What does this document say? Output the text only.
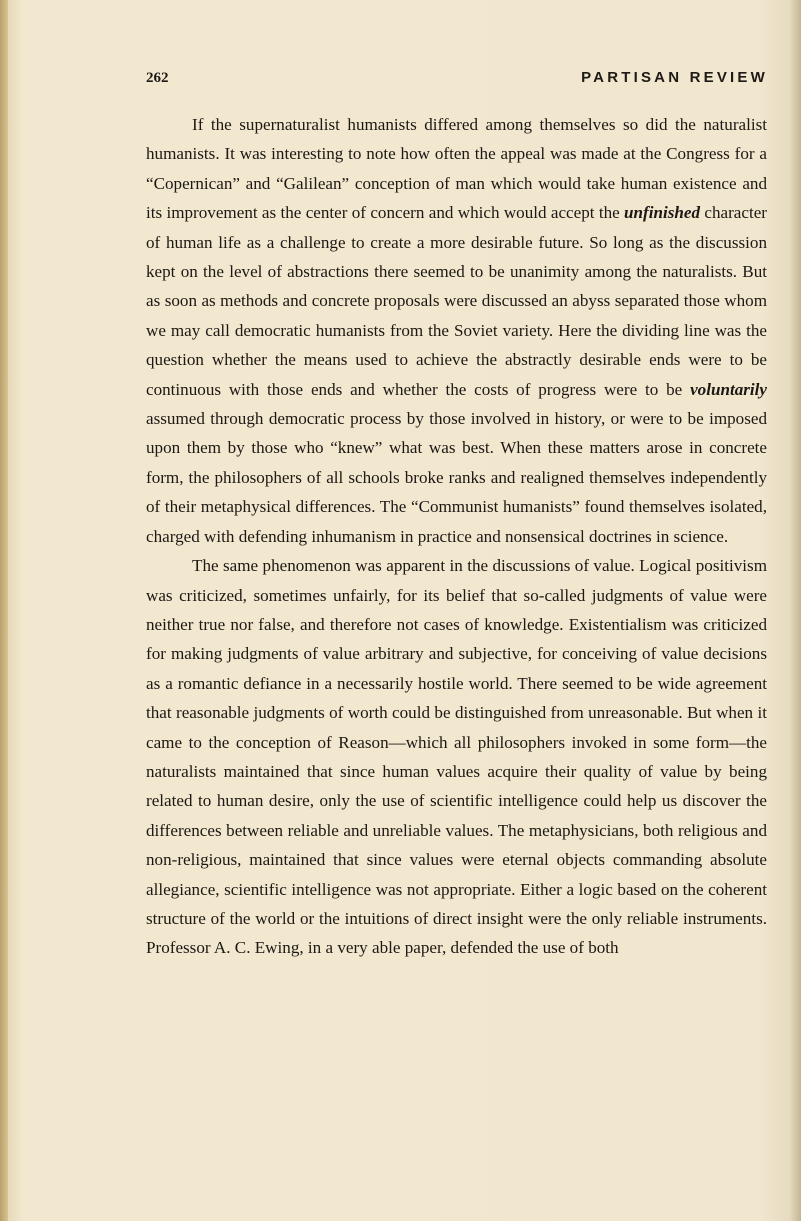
262	PARTISAN REVIEW

If the supernaturalist humanists differed among themselves so did the naturalist humanists. It was interesting to note how often the appeal was made at the Congress for a “Copernican” and “Galilean” conception of man which would take human existence and its improvement as the center of concern and which would accept the unfinished character of human life as a challenge to create a more desirable future. So long as the discussion kept on the level of abstractions there seemed to be unanimity among the naturalists. But as soon as methods and concrete proposals were discussed an abyss separated those whom we may call democratic humanists from the Soviet variety. Here the dividing line was the question whether the means used to achieve the abstractly desirable ends were to be continuous with those ends and whether the costs of progress were to be voluntarily assumed through democratic process by those involved in history, or were to be imposed upon them by those who “knew” what was best. When these matters arose in concrete form, the philosophers of all schools broke ranks and realigned themselves independently of their metaphysical differences. The “Communist humanists” found themselves isolated, charged with defending inhumanism in practice and nonsensical doctrines in science.

The same phenomenon was apparent in the discussions of value. Logical positivism was criticized, sometimes unfairly, for its belief that so-called judgments of value were neither true nor false, and therefore not cases of knowledge. Existentialism was criticized for making judgments of value arbitrary and subjective, for conceiving of value decisions as a romantic defiance in a necessarily hostile world. There seemed to be wide agreement that reasonable judgments of worth could be distinguished from unreasonable. But when it came to the conception of Reason—which all philosophers invoked in some form—the naturalists maintained that since human values acquire their quality of value by being related to human desire, only the use of scientific intelligence could help us discover the differences between reliable and unreliable values. The metaphysicians, both religious and non-religious, maintained that since values were eternal objects commanding absolute allegiance, scientific intelligence was not appropriate. Either a logic based on the coherent structure of the world or the intuitions of direct insight were the only reliable instruments. Professor A. C. Ewing, in a very able paper, defended the use of both
